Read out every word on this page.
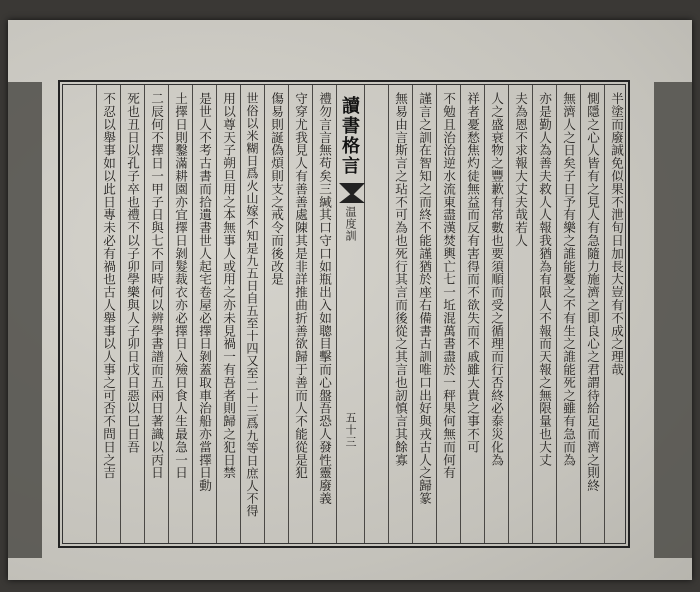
半塗而廢誠免似果不泄旬日加長大豈有不成之理哉
惻隱之心人皆有之見人有急隨力施濟之即良心之君謂待給足而濟之則終
無濟人之日矣子日予有樂之誰能憂之不有生之誰能死之雖有急而為
亦是勤人為善夫救人人報我猶為有限人不報而天報之無限量也大丈
夫為恩不求報大丈夫哉若人
人之盛衰物之豐歉有常數也要須順而受之循理而行否終必泰災化為
祥者憂愁焦灼徒無益而反有害得而不欲失而不戚雖大貴之事不可
不勉且治治逆水流東盡漢焚輿亡七一坵混萬書盡於一秤果何無而何有
謹言之訓在智知之而終不能謹猶於座右備書古訓唯口出好與戎古人之歸篆
無易由言斯言之玷不可為也死行其言而後從之其言也訒慎言其餘寡
讀書格言
温度訓
五十三
禮勿言言無苟矣三緘其口守口如瓶出入如聰目擊而心盤吾恐人發性靈廢義
守穿尤我見人有善善處陳其是非詳推曲折善欲歸于善而人不能從是犯
傷易則誕偽煩則支之戒令而後改是
世俗以米糊日爲火山嫁不知是九五日自五至十四又至二十三爲九等日庶人不得
用以尊天子朔旦用之本無事人或用之亦未見禍一有吾者則歸之犯日禁
是世人不考古書而拾遺書世人起宅卷屋必擇日剝蓋取車治船亦當擇日動
土擇日則鑿滿耕園亦宜擇日剝髮裁衣亦必擇日入殮日食人生最急一日
二辰何不擇日一甲子日與七不同時何以辨學書譜而五兩日著識以丙日
死也丑日以孔子卒也禮不以子卯學樂與人子卯日戊日惡以巳日吾
不忍以舉事如以此日專未必有禍也古人舉事以人事之可否不問日之吉
